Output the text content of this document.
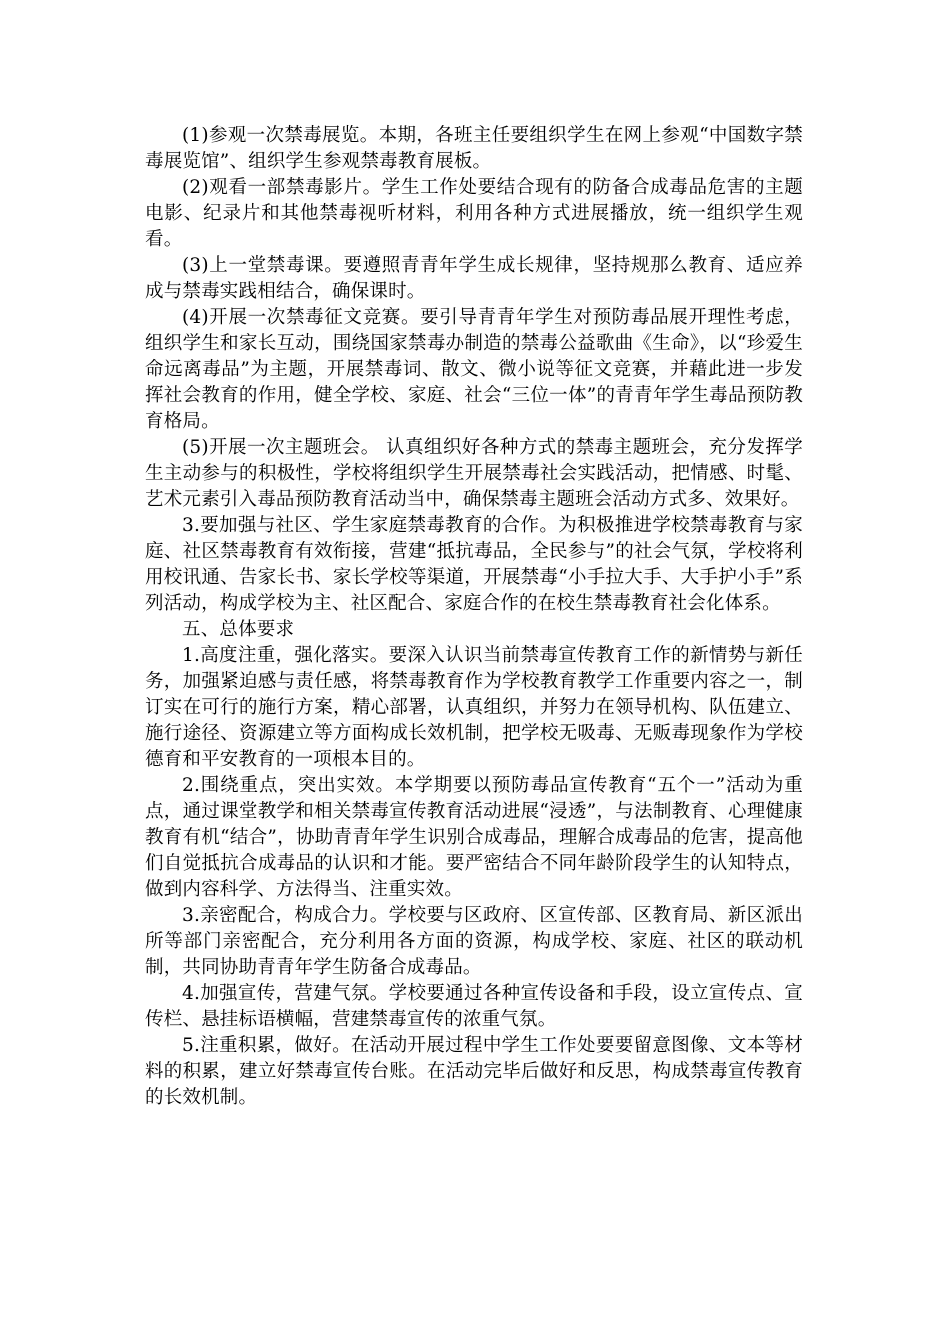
(1)参观一次禁毒展览。本期，各班主任要组织学生在网上参观“中国数字禁毒展览馆”、组织学生参观禁毒教育展板。

(2)观看一部禁毒影片。学生工作处要结合现有的防备合成毒品危害的主题电影、纪录片和其他禁毒视听材料，利用各种方式进展播放，统一组织学生观看。

(3)上一堂禁毒课。要遵照青青年学生成长规律，坚持规那么教育、适应养成与禁毒实践相结合，确保课时。

(4)开展一次禁毒征文竞赛。要引导青青年学生对预防毒品展开理性考虑，组织学生和家长互动，围绕国家禁毒办制造的禁毒公益歌曲《生命》，以“珍爱生命远离毒品”为主题，开展禁毒词、散文、微小说等征文竞赛，并藉此进一步发挥社会教育的作用，健全学校、家庭、社会“三位一体”的青青年学生毒品预防教育格局。

(5)开展一次主题班会。 认真组织好各种方式的禁毒主题班会，充分发挥学生主动参与的积极性，学校将组织学生开展禁毒社会实践活动，把情感、时髦、艺术元素引入毒品预防教育活动当中，确保禁毒主题班会活动方式多、效果好。

3.要加强与社区、学生家庭禁毒教育的合作。为积极推进学校禁毒教育与家庭、社区禁毒教育有效衔接，营建“抵抗毒品，全民参与”的社会气氛，学校将利用校讯通、告家长书、家长学校等渠道，开展禁毒“小手拉大手、大手护小手”系列活动，构成学校为主、社区配合、家庭合作的在校生禁毒教育社会化体系。

五、总体要求

1.高度注重，强化落实。要深入认识当前禁毒宣传教育工作的新情势与新任务，加强紧迫感与责任感，将禁毒教育作为学校教育教学工作重要内容之一，制订实在可行的施行方案，精心部署，认真组织，并努力在领导机构、队伍建立、施行途径、资源建立等方面构成长效机制，把学校无吸毒、无贩毒现象作为学校德育和平安教育的一项根本目的。

2.围绕重点，突出实效。本学期要以预防毒品宣传教育“五个一”活动为重点，通过课堂教学和相关禁毒宣传教育活动进展“浸透”，与法制教育、心理健康教育有机“结合”，协助青青年学生识别合成毒品，理解合成毒品的危害，提高他们自觉抵抗合成毒品的认识和才能。要严密结合不同年龄阶段学生的认知特点，做到内容科学、方法得当、注重实效。

3.亲密配合，构成合力。学校要与区政府、区宣传部、区教育局、新区派出所等部门亲密配合，充分利用各方面的资源，构成学校、家庭、社区的联动机制，共同协助青青年学生防备合成毒品。

4.加强宣传，营建气氛。学校要通过各种宣传设备和手段，设立宣传点、宣传栏、悬挂标语横幅，营建禁毒宣传的浓重气氛。

5.注重积累，做好。在活动开展过程中学生工作处要要留意图像、文本等材料的积累，建立好禁毒宣传台账。在活动完毕后做好和反思，构成禁毒宣传教育的长效机制。
